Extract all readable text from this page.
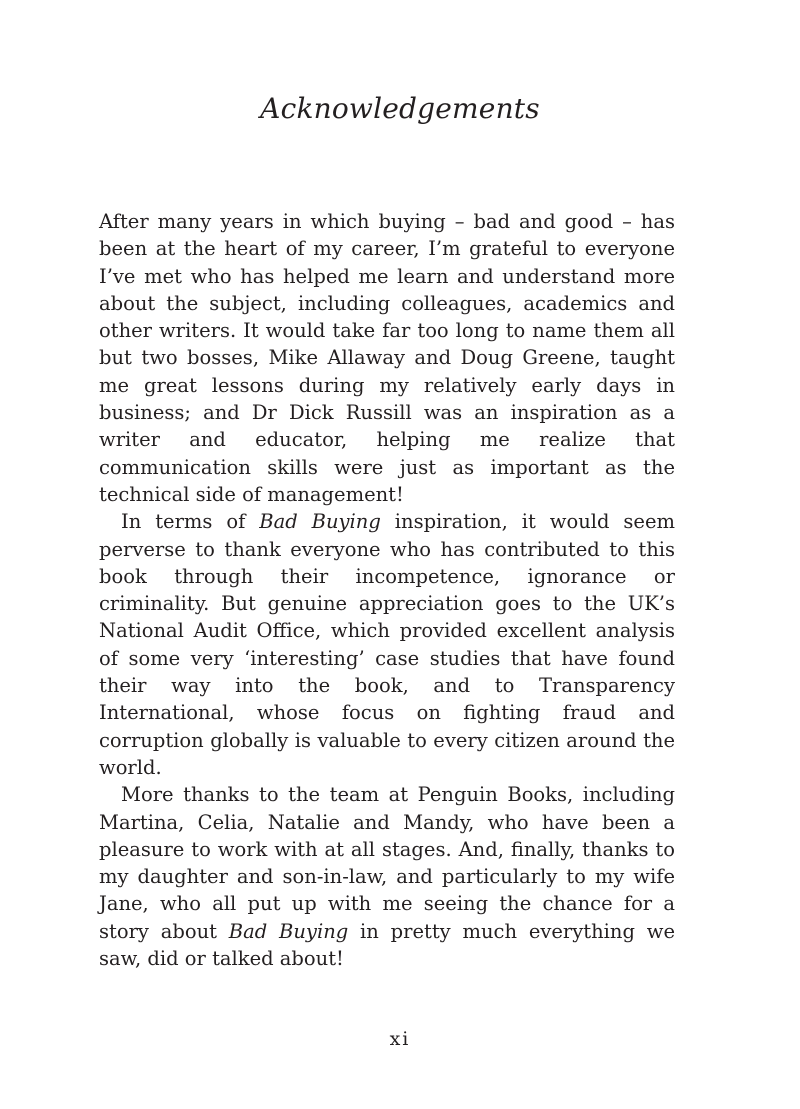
Acknowledgements

After many years in which buying – bad and good – has been at the heart of my career, I’m grateful to everyone I’ve met who has helped me learn and understand more about the subject, including colleagues, academics and other writers. It would take far too long to name them all but two bosses, Mike Allaway and Doug Greene, taught me great lessons during my relatively early days in business; and Dr Dick Russill was an inspiration as a writer and educator, helping me realize that communication skills were just as important as the technical side of management!

In terms of Bad Buying inspiration, it would seem perverse to thank everyone who has contributed to this book through their incompetence, ignorance or criminality. But genuine appreciation goes to the UK’s National Audit Office, which provided excellent analysis of some very ‘interesting’ case studies that have found their way into the book, and to Transparency International, whose focus on fighting fraud and corruption globally is valuable to every citizen around the world.

More thanks to the team at Penguin Books, including Martina, Celia, Natalie and Mandy, who have been a pleasure to work with at all stages. And, finally, thanks to my daughter and son-in-law, and particularly to my wife Jane, who all put up with me seeing the chance for a story about Bad Buying in pretty much everything we saw, did or talked about!

xi
